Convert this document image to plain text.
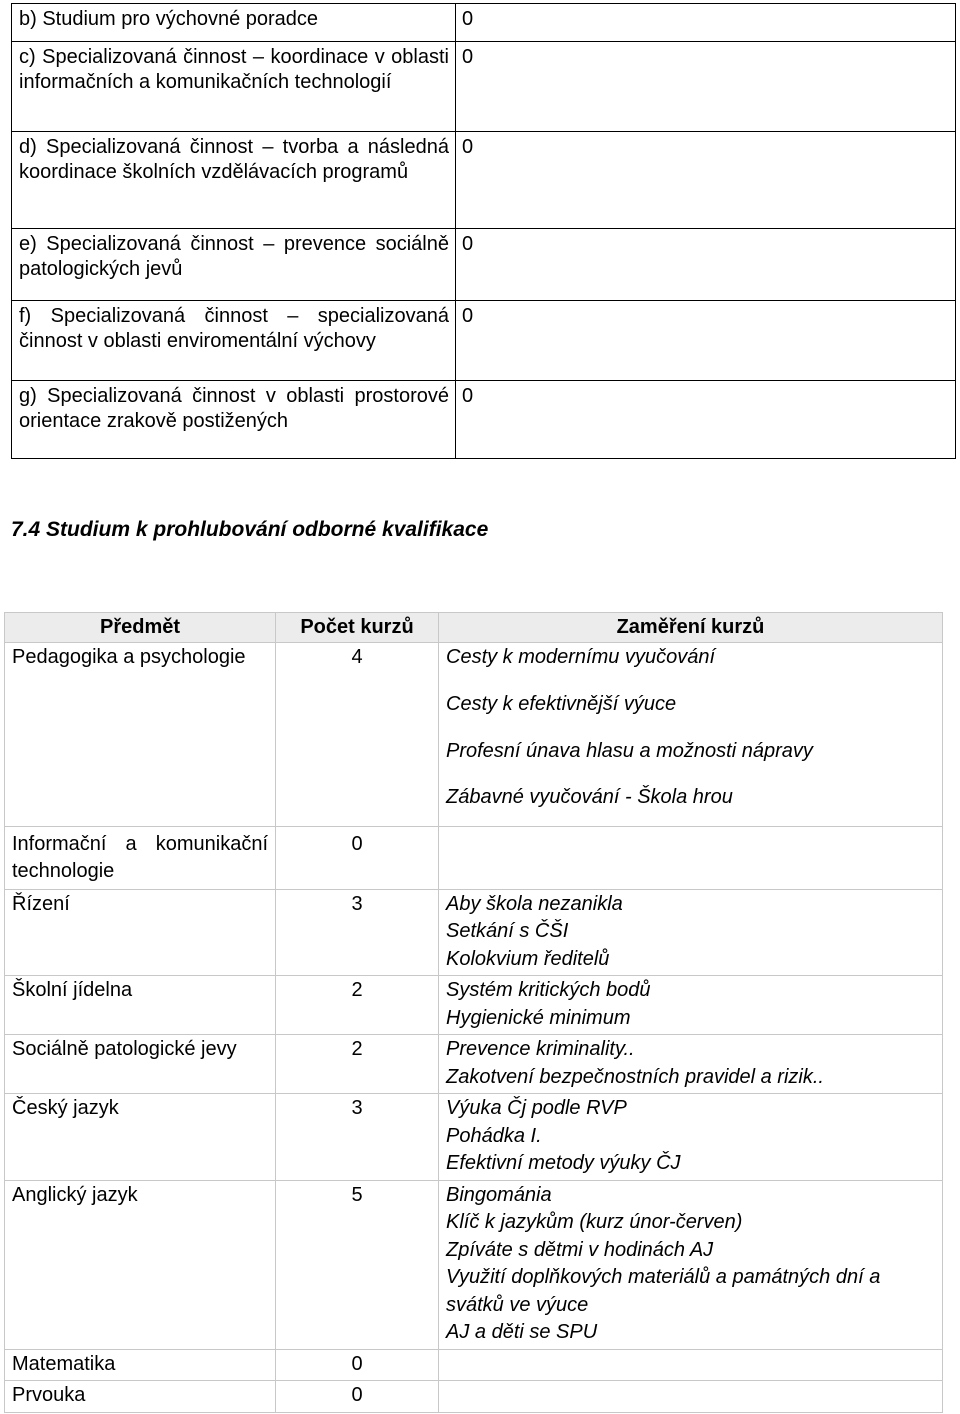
b) Studium pro výchovné poradce	0
c) Specializovaná činnost – koordinace v oblasti informačních a komunikačních technologií	0
d) Specializovaná činnost – tvorba a následná koordinace školních vzdělávacích programů	0
e) Specializovaná činnost – prevence sociálně patologických jevů	0
f) Specializovaná činnost – specializovaná činnost v oblasti enviromentální výchovy	0
g) Specializovaná činnost v oblasti prostorové orientace zrakově postižených	0
7.4 Studium k prohlubování odborné kvalifikace
Předmět	Počet kurzů	Zaměření kurzů
Pedagogika a psychologie	4	Cesty k modernímu vyučování
Cesty k efektivnější výuce
Profesní únava hlasu a možnosti nápravy
Zábavné vyučování - Škola hrou

Informační a komunikační technologie	0	
Řízení	3	Aby škola nezanikla
Setkání s ČŠI
Kolokvium ředitelů

Školní jídelna	2	Systém kritických bodů
Hygienické minimum

Sociálně patologické jevy	2	Prevence kriminality..
Zakotvení bezpečnostních pravidel a rizik..

Český jazyk	3	Výuka Čj podle RVP
Pohádka I.
Efektivní metody výuky ČJ

Anglický jazyk	5	Bingománia
Klíč k jazykům (kurz únor-červen)
Zpíváte s dětmi v hodinách AJ
Využití doplňkových materiálů a památných dní a svátků ve výuce
AJ a děti se SPU

Matematika	0	
Prvouka	0	
